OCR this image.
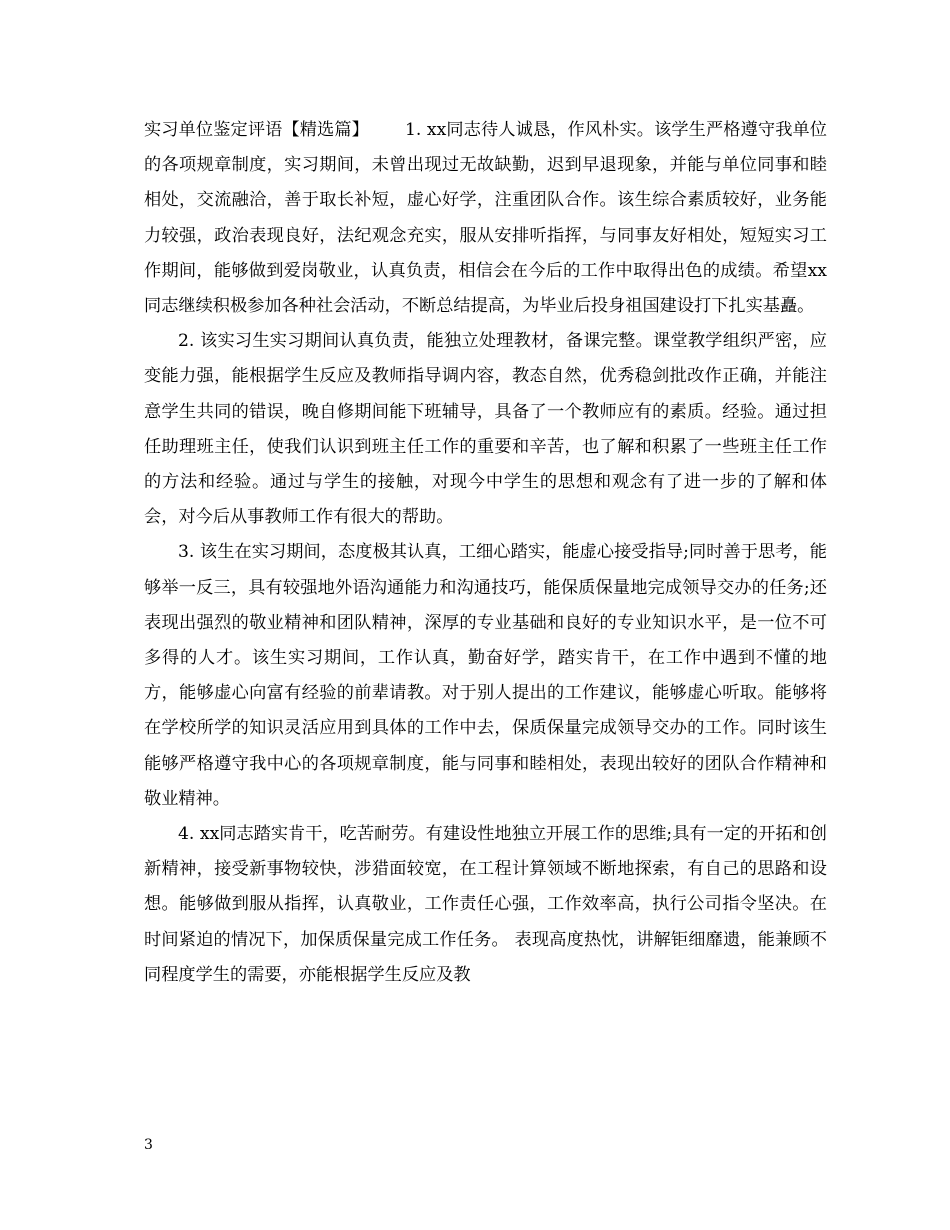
实习单位鉴定评语【精选篇】 1. xx同志待人诚恳，作风朴实。该学生严格遵守我单位的各项规章制度，实习期间，未曾出现过无故缺勤，迟到早退现象，并能与单位同事和睦相处，交流融洽，善于取长补短，虚心好学，注重团队合作。该生综合素质较好，业务能力较强，政治表现良好，法纪观念充实，服从安排听指挥，与同事友好相处，短短实习工作期间，能够做到爱岗敬业，认真负责，相信会在今后的工作中取得出色的成绩。希望xx同志继续积极参加各种社会活动，不断总结提高，为毕业后投身祖国建设打下扎实基矗。

2. 该实习生实习期间认真负责，能独立处理教材，备课完整。课堂教学组织严密，应变能力强，能根据学生反应及教师指导调内容，教态自然，优秀稳剑批改作正确，并能注意学生共同的错误，晚自修期间能下班辅导，具备了一个教师应有的素质。经验。通过担任助理班主任，使我们认识到班主任工作的重要和辛苦，也了解和积累了一些班主任工作的方法和经验。通过与学生的接触，对现今中学生的思想和观念有了进一步的了解和体会，对今后从事教师工作有很大的帮助。

3. 该生在实习期间，态度极其认真，工细心踏实，能虚心接受指导;同时善于思考，能够举一反三，具有较强地外语沟通能力和沟通技巧，能保质保量地完成领导交办的任务;还表现出强烈的敬业精神和团队精神，深厚的专业基础和良好的专业知识水平，是一位不可多得的人才。该生实习期间，工作认真，勤奋好学，踏实肯干，在工作中遇到不懂的地方，能够虚心向富有经验的前辈请教。对于别人提出的工作建议，能够虚心听取。能够将在学校所学的知识灵活应用到具体的工作中去，保质保量完成领导交办的工作。同时该生能够严格遵守我中心的各项规章制度，能与同事和睦相处，表现出较好的团队合作精神和敬业精神。

4. xx同志踏实肯干，吃苦耐劳。有建设性地独立开展工作的思维;具有一定的开拓和创新精神，接受新事物较快，涉猎面较宽，在工程计算领域不断地探索，有自己的思路和设想。能够做到服从指挥，认真敬业，工作责任心强，工作效率高，执行公司指令坚决。在时间紧迫的情况下，加保质保量完成工作任务。 表现高度热忱，讲解钜细靡遗，能兼顾不同程度学生的需要，亦能根据学生反应及教

3
